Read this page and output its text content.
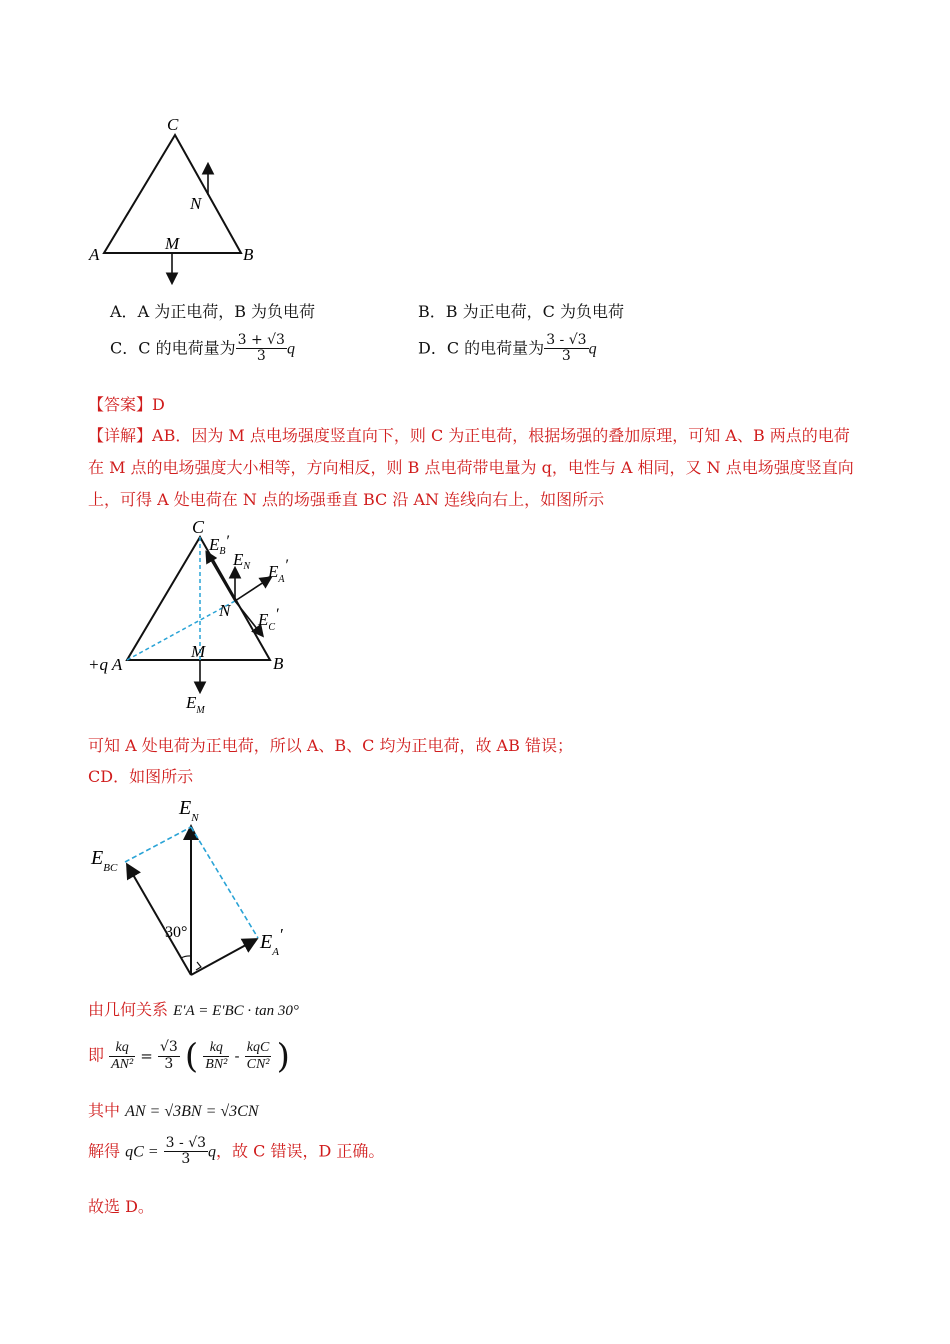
C
A	B
M
N
A．A 为正电荷，B 为负电荷	B．B 为正电荷，C 为负电荷
C．C 的电荷量为 $\frac{3 + √3}{3}$ q	D．C 的电荷量为 $\frac{3 - √3}{3}$ q
【答案】D
【详解】AB．因为 M 点电场强度竖直向下，则 C 为正电荷，根据场强的叠加原理，可知 A、B 两点的电荷
在 M 点的电场强度大小相等，方向相反，则 B 点电荷带电量为 q，电性与 A 相同，又 N 点电场强度竖直向
上，可得 A 处电荷在 N 点的场强垂直 BC 沿 AN 连线向右上，如图所示
C
+q A	B
M
N
$E_B'$
$E_N$ $E_A'$
$E_C'$
$E_M$
可知 A 处电荷为正电荷，所以 A、B、C 均为正电荷，故 AB 错误；
CD．如图所示
$E_N$
$E_{BC}$
$E_A'$
30°
由几何关系 E′A = E′BC · tan 30°
即 $\frac{kq}{\text{AN²}} = \frac{√3}{3}$ ( $\frac{kq}{\text{BN²}} - \frac{\text{kqC}}{\text{CN²}}$ )
其中 AN = √3BN = √3CN
解得 qC = $\frac{3 - √3}{3}$ q，故 C 错误，D 正确。
故选 D。
